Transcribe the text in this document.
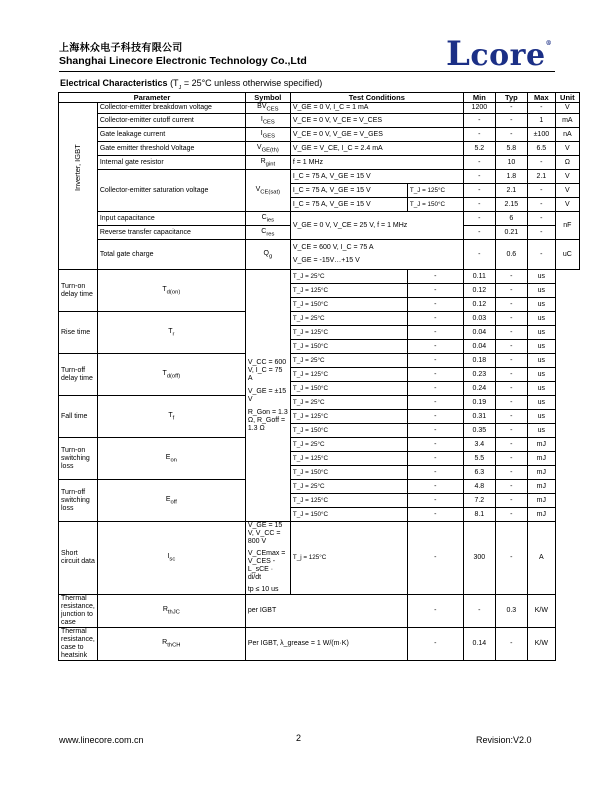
上海林众电子科技有限公司
Shanghai Linecore Electronic Technology Co.,Ltd	Lcore®
Electrical Characteristics ($T_J = 25^\circ C$ unless otherwise specified)
Parameter		Symbol	Test Conditions		Min	Typ	Max	Unit

Inverter, IGBT	Collector-emitter breakdown voltage	$BV_{CES}$	V_GE = 0 V, I_C = 1 mA		1200	-	-	V
	Collector-emitter cutoff current	$I_{CES}$	V_CE = 0 V, V_CE = V_CES		-	-	1	mA
	Gate leakage current	$I_{GES}$	V_CE = 0 V, V_GE = V_GES		-	-	±100	nA
	Gate emitter threshold Voltage	$V_{GE(th)}$	V_GE = V_CE, I_C = 2.4 mA		5.2	5.8	6.5	V
	Internal gate resistor	$R_{gint}$	f = 1 MHz		-	10	-	Ω
	Collector-emitter saturation voltage	$V_{CE(sat)}$	I_C = 75 A, V_GE = 15 V		-	1.8	2.1	V
			I_C = 75 A, V_GE = 15 V	T_J = 125°C	-	2.1	-	V
			I_C = 75 A, V_GE = 15 V	T_J = 150°C	-	2.15	-	V
	Input capacitance	$C_{ies}$	V_GE = 0 V, V_CE = 25 V, f = 1 MHz		-	6	-	nF
	Reverse transfer capacitance	$C_{res}$			-	0.21	-	
	Total gate charge	$Q_g$	V_CE = 600 V, I_C = 75 A
V_GE = -15V…+15 V		-	0.6	-	uC
Turn-on delay time	$T_{d(on)}$	V_CC = 600 V, I_C = 75 A
V_GE = ±15 V
R_Gon = 1.3 Ω, R_Goff = 1.3 Ω	T_J = 25°C	-	0.11	-	us	
			T_J = 125°C	-	0.12	-	us	
			T_J = 150°C	-	0.12	-	us	
Rise time	$T_r$		T_J = 25°C	-	0.03	-	us	
			T_J = 125°C	-	0.04	-	us	
			T_J = 150°C	-	0.04	-	us	
Turn-off delay time	$T_{d(off)}$		T_J = 25°C	-	0.18	-	us	
			T_J = 125°C	-	0.23	-	us	
			T_J = 150°C	-	0.24	-	us	
Fall time	$T_f$		T_J = 25°C	-	0.19	-	us	
			T_J = 125°C	-	0.31	-	us	
			T_J = 150°C	-	0.35	-	us	
Turn-on switching loss	$E_{on}$		T_J = 25°C	-	3.4	-	mJ	
			T_J = 125°C	-	5.5	-	mJ	
			T_J = 150°C	-	6.3	-	mJ	
Turn-off switching loss	$E_{off}$		T_J = 25°C	-	4.8	-	mJ	
			T_J = 125°C	-	7.2	-	mJ	
			T_J = 150°C	-	8.1	-	mJ	
Short circuit data	$I_{sc}$	V_GE = 15 V, V_CC = 800 V
V_CEmax = V_CES -L_sCE · di/dt
tp ≤ 10 us	T_j = 125°C	-	300	-	A	
Thermal resistance, junction to case	$R_{thJC}$	per IGBT		-	-	0.3	K/W	
Thermal resistance, case to heatsink	$R_{thCH}$	Per IGBT, λ_grease = 1 W/(m·K)		-	0.14	-	K/W	
www.linecore.com.cn	2	Revision:V2.0
